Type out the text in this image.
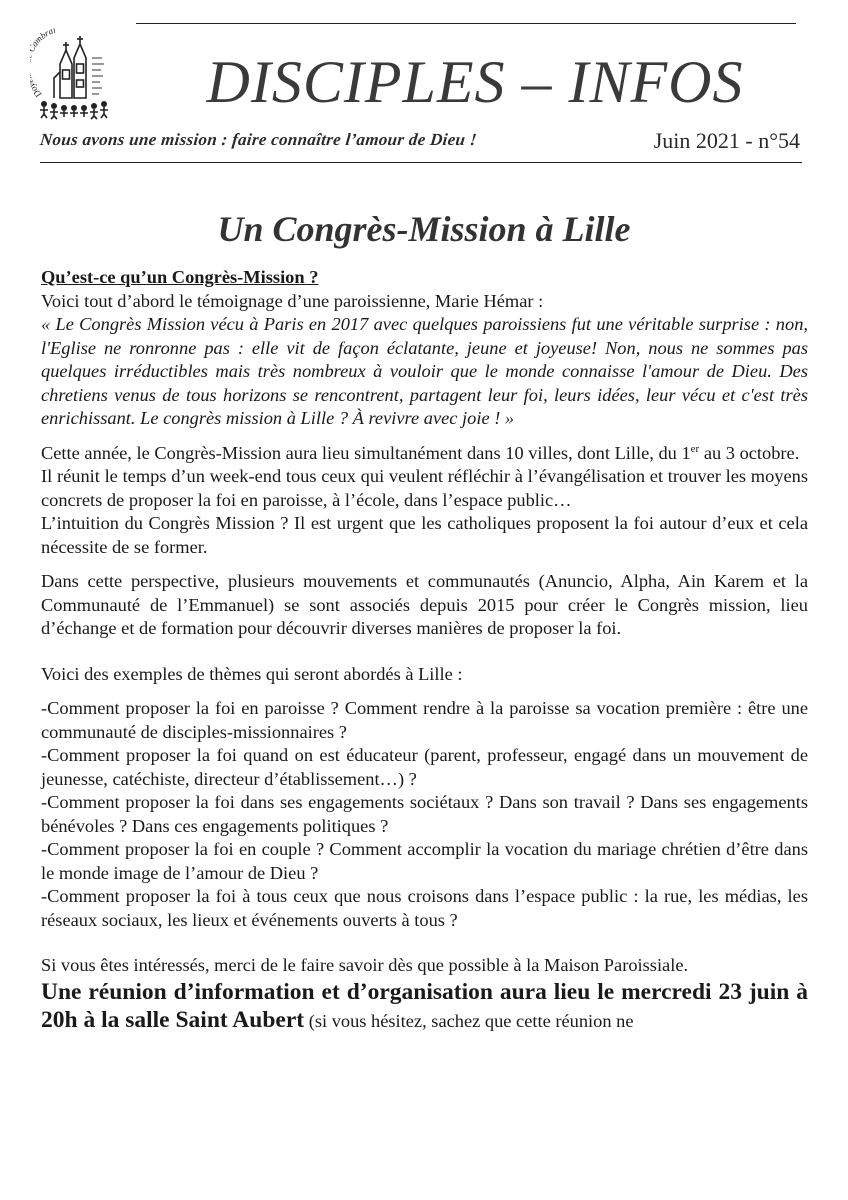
D ambrai
DISCIPLES – INFOS
Nous avons une mission : faire connaître l’amour de Dieu !	Juin 2021 - n°54
Un Congrès-Mission à Lille

Qu’est-ce qu’un Congrès-Mission ?

Voici tout d’abord le témoignage d’une paroissienne, Marie Hémar :

« Le Congrès Mission vécu à Paris en 2017 avec quelques paroissiens fut une véritable surprise : non, l'Eglise ne ronronne pas : elle vit de façon éclatante, jeune et joyeuse! Non, nous ne sommes pas quelques irréductibles mais très nombreux à vouloir que le monde connaisse l'amour de Dieu. Des chretiens venus de tous horizons se rencontrent, partagent leur foi, leurs idées, leur vécu et c'est très enrichissant. Le congrès mission à Lille ? À revivre avec joie ! »

Cette année, le Congrès-Mission aura lieu simultanément dans 10 villes, dont Lille, du 1er au 3 octobre.

Il réunit le temps d’un week-end tous ceux qui veulent réfléchir à l’évangélisation et trouver les moyens concrets de proposer la foi en paroisse, à l’école, dans l’espace public…

L’intuition du Congrès Mission ? Il est urgent que les catholiques proposent la foi autour d’eux et cela nécessite de se former.

Dans cette perspective, plusieurs mouvements et communautés (Anuncio, Alpha, Ain Karem et la Communauté de l’Emmanuel) se sont associés depuis 2015 pour créer le Congrès mission, lieu d’échange et de formation pour découvrir diverses manières de proposer la foi.

Voici des exemples de thèmes qui seront abordés à Lille :

-Comment proposer la foi en paroisse ? Comment rendre à la paroisse sa vocation première : être une communauté de disciples-missionnaires ?

-Comment proposer la foi quand on est éducateur (parent, professeur, engagé dans un mouvement de jeunesse, catéchiste, directeur d’établissement…) ?

-Comment proposer la foi dans ses engagements sociétaux ? Dans son travail ? Dans ses engagements bénévoles ? Dans ces engagements politiques ?

-Comment proposer la foi en couple ? Comment accomplir la vocation du mariage chrétien d’être dans le monde image de l’amour de Dieu ?

-Comment proposer la foi à tous ceux que nous croisons dans l’espace public : la rue, les médias, les réseaux sociaux, les lieux et événements ouverts à tous ?

Si vous êtes intéressés, merci de le faire savoir dès que possible à la Maison Paroissiale.

Une réunion d’information et d’organisation aura lieu le mercredi 23 juin à 20h à la salle Saint Aubert (si vous hésitez, sachez que cette réunion ne
